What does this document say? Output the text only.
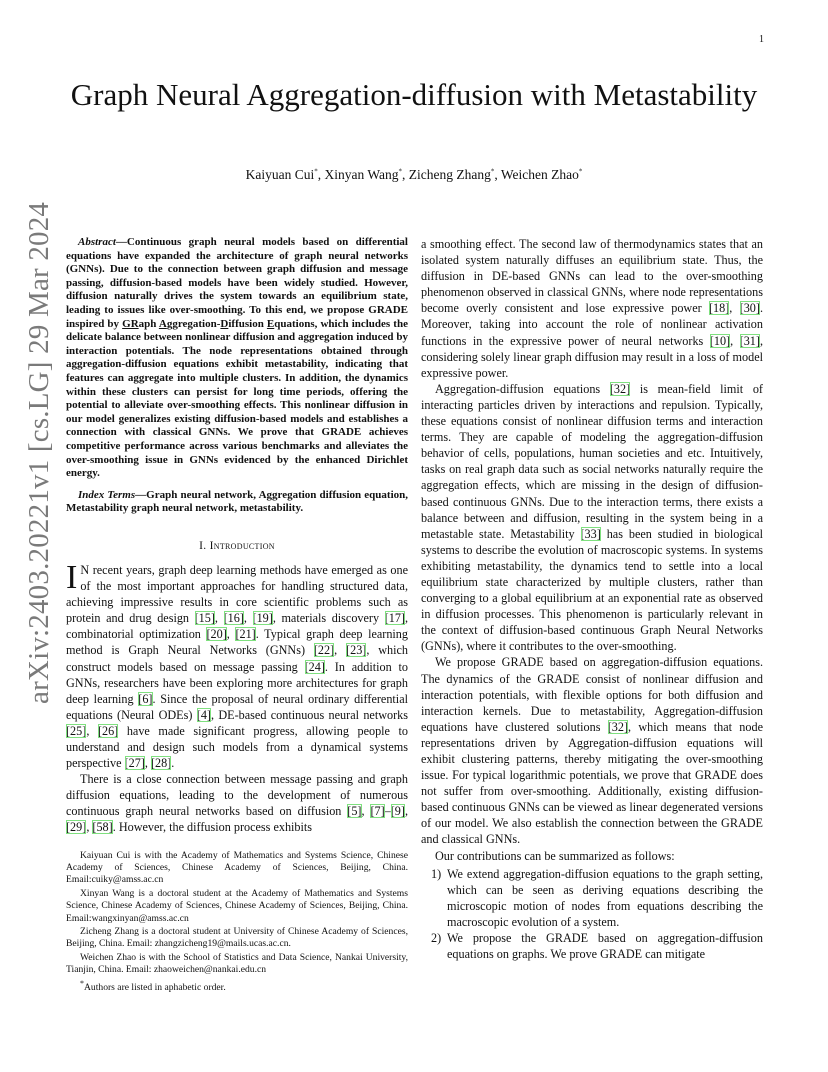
1
arXiv:2403.20221v1 [cs.LG] 29 Mar 2024
Graph Neural Aggregation-diffusion with Metastability
Kaiyuan Cui*, Xinyan Wang*, Zicheng Zhang*, Weichen Zhao*

Abstract—Continuous graph neural models based on differential equations have expanded the architecture of graph neural networks (GNNs). Due to the connection between graph diffusion and message passing, diffusion-based models have been widely studied. However, diffusion naturally drives the system towards an equilibrium state, leading to issues like over-smoothing. To this end, we propose GRADE inspired by GRaph Aggregation-Diffusion Equations, which includes the delicate balance between nonlinear diffusion and aggregation induced by interaction potentials. The node representations obtained through aggregation-diffusion equations exhibit metastability, indicating that features can aggregate into multiple clusters. In addition, the dynamics within these clusters can persist for long time periods, offering the potential to alleviate over-smoothing effects. This nonlinear diffusion in our model generalizes existing diffusion-based models and establishes a connection with classical GNNs. We prove that GRADE achieves competitive performance across various benchmarks and alleviates the over-smoothing issue in GNNs evidenced by the enhanced Dirichlet energy.

Index Terms—Graph neural network, Aggregation diffusion equation, Metastability graph neural network, metastability.

I. Introduction

I N recent years, graph deep learning methods have emerged as one of the most important approaches for handling structured data, achieving impressive results in core scientific problems such as protein and drug design [15], [16], [19], materials discovery [17], combinatorial optimization [20], [21]. Typical graph deep learning method is Graph Neural Networks (GNNs) [22], [23], which construct models based on message passing [24]. In addition to GNNs, researchers have been exploring more architectures for graph deep learning [6]. Since the proposal of neural ordinary differential equations (Neural ODEs) [4], DE-based continuous neural networks [25], [26] have made significant progress, allowing people to understand and design such models from a dynamical systems perspective [27], [28].

There is a close connection between message passing and graph diffusion equations, leading to the development of numerous continuous graph neural networks based on diffusion [5], [7]–[9], [29], [58]. However, the diffusion process exhibits

Kaiyuan Cui is with the Academy of Mathematics and Systems Science, Chinese Academy of Sciences, Chinese Academy of Sciences, Beijing, China. Email:cuiky@amss.ac.cn

Xinyan Wang is a doctoral student at the Academy of Mathematics and Systems Science, Chinese Academy of Sciences, Chinese Academy of Sciences, Beijing, China. Email:wangxinyan@amss.ac.cn

Zicheng Zhang is a doctoral student at University of Chinese Academy of Sciences, Beijing, China. Email: zhangzicheng19@mails.ucas.ac.cn.

Weichen Zhao is with the School of Statistics and Data Science, Nankai University, Tianjin, China. Email: zhaoweichen@nankai.edu.cn

*Authors are listed in aphabetic order.

a smoothing effect. The second law of thermodynamics states that an isolated system naturally diffuses an equilibrium state. Thus, the diffusion in DE-based GNNs can lead to the over-smoothing phenomenon observed in classical GNNs, where node representations become overly consistent and lose expressive power [18], [30]. Moreover, taking into account the role of nonlinear activation functions in the expressive power of neural networks [10], [31], considering solely linear graph diffusion may result in a loss of model expressive power.

Aggregation-diffusion equations [32] is mean-field limit of interacting particles driven by interactions and repulsion. Typically, these equations consist of nonlinear diffusion terms and interaction terms. They are capable of modeling the aggregation-diffusion behavior of cells, populations, human societies and etc. Intuitively, tasks on real graph data such as social networks naturally require the aggregation effects, which are missing in the design of diffusion-based continuous GNNs. Due to the interaction terms, there exists a balance between and diffusion, resulting in the system being in a metastable state. Metastability [33] has been studied in biological systems to describe the evolution of macroscopic systems. In systems exhibiting metastability, the dynamics tend to settle into a local equilibrium state characterized by multiple clusters, rather than converging to a global equilibrium at an exponential rate as observed in diffusion processes. This phenomenon is particularly relevant in the context of diffusion-based continuous Graph Neural Networks (GNNs), where it contributes to the over-smoothing.

We propose GRADE based on aggregation-diffusion equations. The dynamics of the GRADE consist of nonlinear diffusion and interaction potentials, with flexible options for both diffusion and interaction kernels. Due to metastability, Aggregation-diffusion equations have clustered solutions [32], which means that node representations driven by Aggregation-diffusion equations will exhibit clustering patterns, thereby mitigating the over-smoothing issue. For typical logarithmic potentials, we prove that GRADE does not suffer from over-smoothing. Additionally, existing diffusion-based continuous GNNs can be viewed as linear degenerated versions of our model. We also establish the connection between the GRADE and classical GNNs.

Our contributions can be summarized as follows:

1) We extend aggregation-diffusion equations to the graph setting, which can be seen as deriving equations describing the microscopic motion of nodes from equations describing the macroscopic evolution of a system.
2) We propose the GRADE based on aggregation-diffusion equations on graphs. We prove GRADE can mitigate
